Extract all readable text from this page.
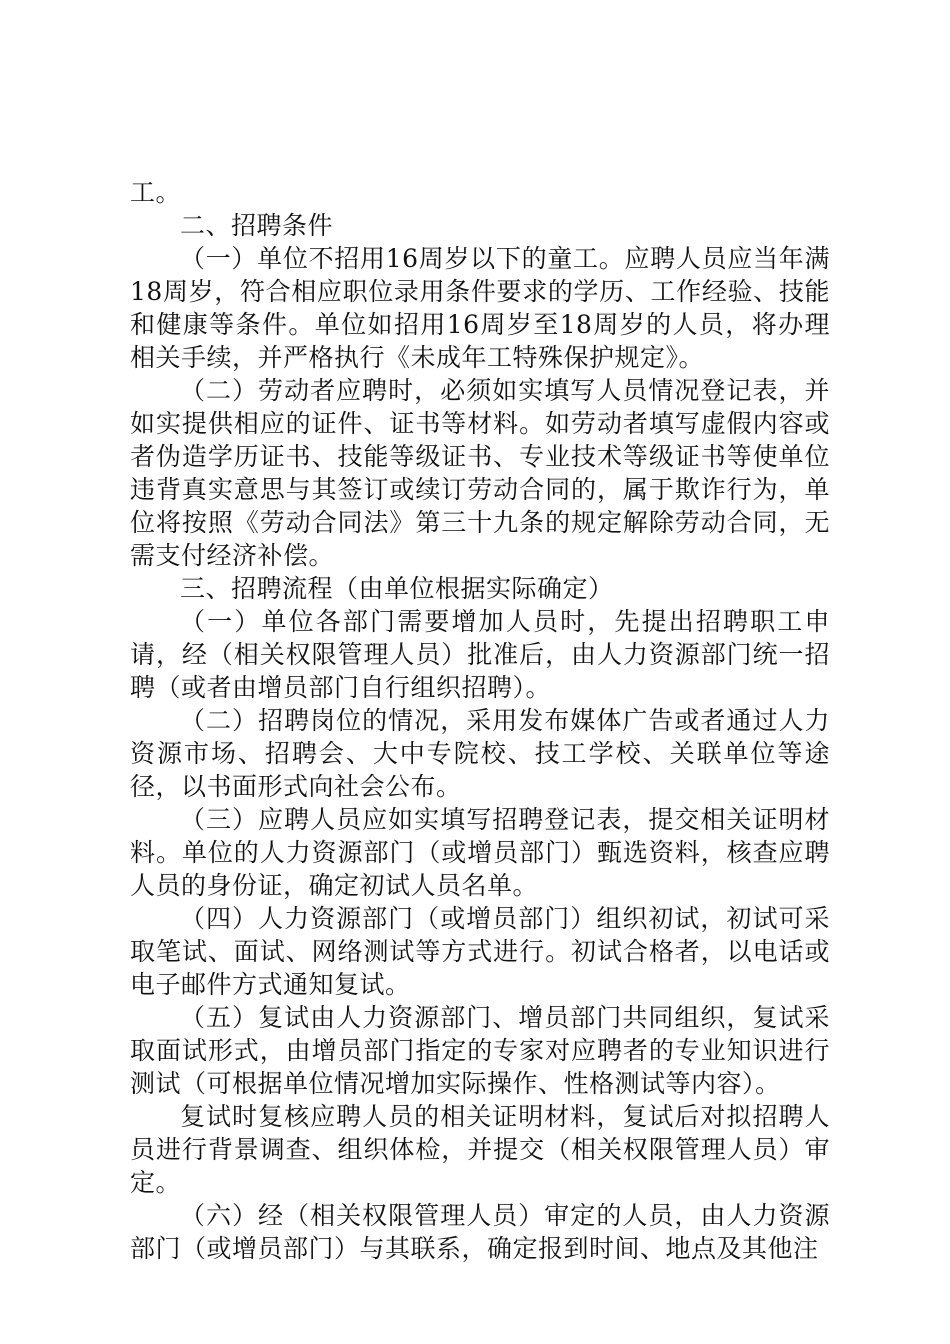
工。

二、招聘条件

（一）单位不招用16周岁以下的童工。应聘人员应当年满18周岁，符合相应职位录用条件要求的学历、工作经验、技能和健康等条件。单位如招用16周岁至18周岁的人员，将办理相关手续，并严格执行《未成年工特殊保护规定》。

（二）劳动者应聘时，必须如实填写人员情况登记表，并如实提供相应的证件、证书等材料。如劳动者填写虚假内容或者伪造学历证书、技能等级证书、专业技术等级证书等使单位违背真实意思与其签订或续订劳动合同的，属于欺诈行为，单位将按照《劳动合同法》第三十九条的规定解除劳动合同，无需支付经济补偿。

三、招聘流程（由单位根据实际确定）

（一）单位各部门需要增加人员时，先提出招聘职工申请，经（相关权限管理人员）批准后，由人力资源部门统一招聘（或者由增员部门自行组织招聘）。

（二）招聘岗位的情况，采用发布媒体广告或者通过人力资源市场、招聘会、大中专院校、技工学校、关联单位等途径，以书面形式向社会公布。

（三）应聘人员应如实填写招聘登记表，提交相关证明材料。单位的人力资源部门（或增员部门）甄选资料，核查应聘人员的身份证，确定初试人员名单。

（四）人力资源部门（或增员部门）组织初试，初试可采取笔试、面试、网络测试等方式进行。初试合格者，以电话或电子邮件方式通知复试。

（五）复试由人力资源部门、增员部门共同组织，复试采取面试形式，由增员部门指定的专家对应聘者的专业知识进行测试（可根据单位情况增加实际操作、性格测试等内容）。

复试时复核应聘人员的相关证明材料，复试后对拟招聘人员进行背景调查、组织体检，并提交（相关权限管理人员）审定。

（六）经（相关权限管理人员）审定的人员，由人力资源部门（或增员部门）与其联系，确定报到时间、地点及其他注
